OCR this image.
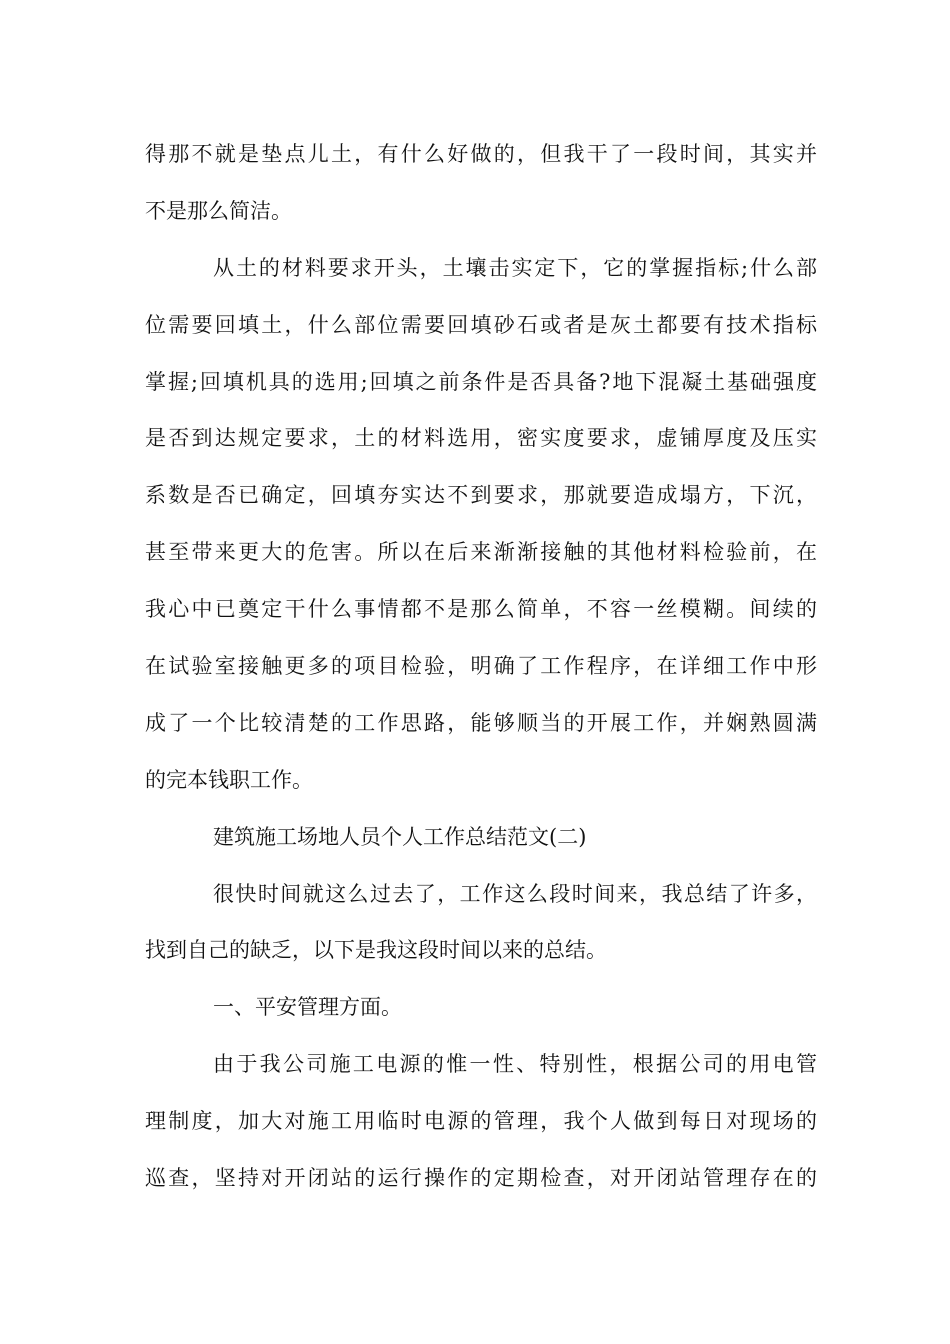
得那不就是垫点儿土，有什么好做的，但我干了一段时间，其实并
不是那么简洁。
从土的材料要求开头，土壤击实定下，它的掌握指标;什么部
位需要回填土，什么部位需要回填砂石或者是灰土都要有技术指标
掌握;回填机具的选用;回填之前条件是否具备?地下混凝土基础强度
是否到达规定要求，土的材料选用，密实度要求，虚铺厚度及压实
系数是否已确定，回填夯实达不到要求，那就要造成塌方，下沉，
甚至带来更大的危害。所以在后来渐渐接触的其他材料检验前，在
我心中已奠定干什么事情都不是那么简单，不容一丝模糊。间续的
在试验室接触更多的项目检验，明确了工作程序，在详细工作中形
成了一个比较清楚的工作思路，能够顺当的开展工作，并娴熟圆满
的完本钱职工作。
建筑施工场地人员个人工作总结范文(二)
很快时间就这么过去了，工作这么段时间来，我总结了许多，
找到自己的缺乏，以下是我这段时间以来的总结。
一、平安管理方面。
由于我公司施工电源的惟一性、特别性，根据公司的用电管
理制度，加大对施工用临时电源的管理，我个人做到每日对现场的
巡查，坚持对开闭站的运行操作的定期检查，对开闭站管理存在的
